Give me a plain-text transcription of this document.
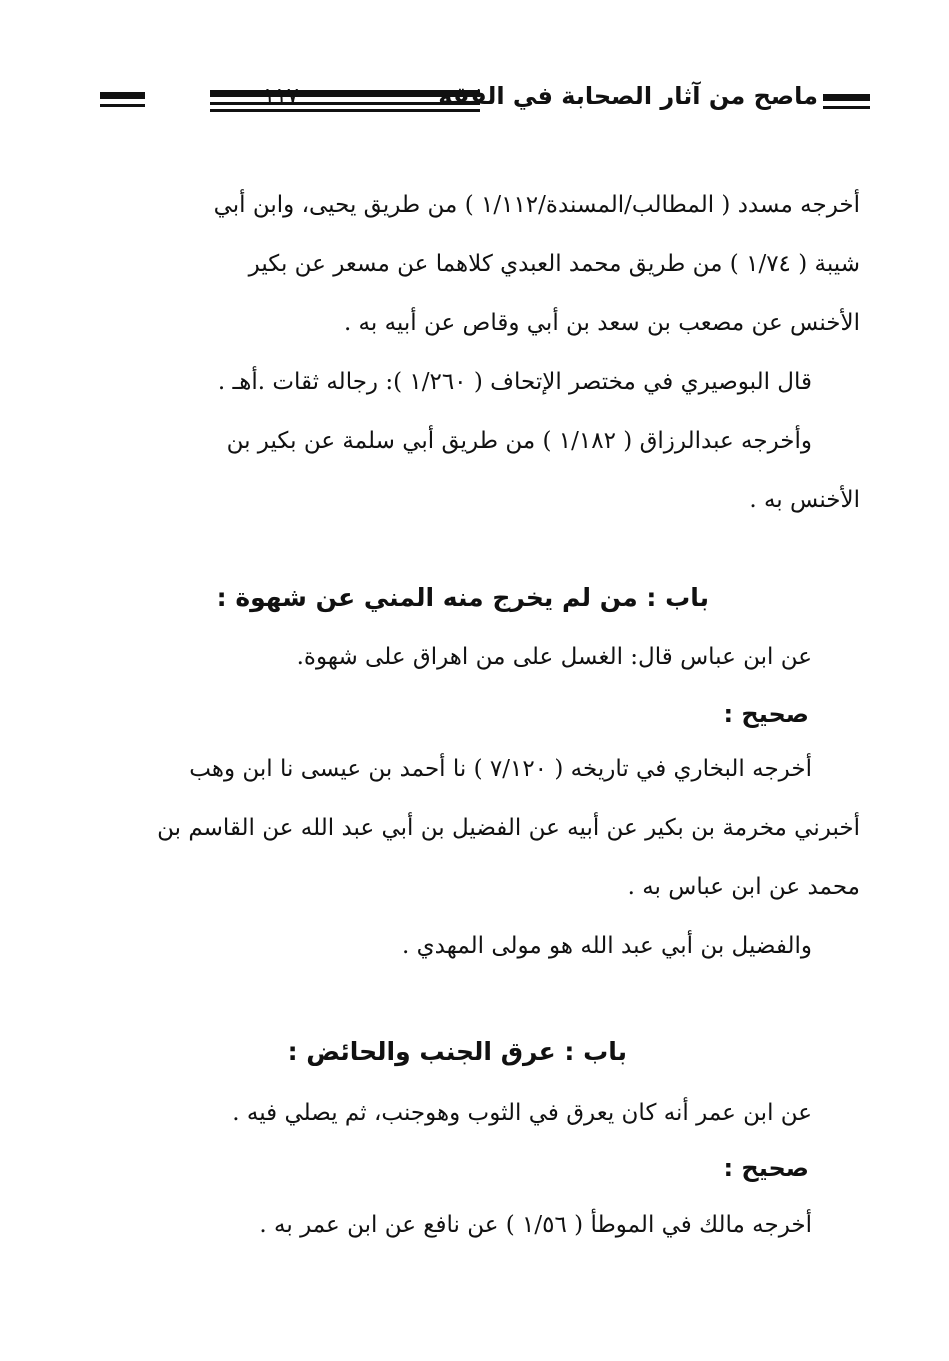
ماصح من آثار الصحابة في الفقه
أخرجه مسدد ( المطالب/المسندة/١/١١٢ ) من طريق يحيى، وابن أبي
شيبة ( ١/٧٤ ) من طريق محمد العبدي كلاهما عن مسعر عن بكير
الأخنس عن مصعب بن سعد بن أبي وقاص عن أبيه به .
قال البوصيري في مختصر الإتحاف ( ١/٢٦٠ ): رجاله ثقات .أهـ .
وأخرجه عبدالرزاق ( ١/١٨٢ ) من طريق أبي سلمة عن بكير بن
الأخنس به .
باب : من لم يخرج منه المني عن شهوة :
عن ابن عباس قال: الغسل على من اهراق على شهوة.
صحيح :
أخرجه البخاري في تاريخه ( ٧/١٢٠ ) نا أحمد بن عيسى نا ابن وهب
أخبرني مخرمة بن بكير عن أبيه عن الفضيل بن أبي عبد الله عن القاسم بن
محمد عن ابن عباس به .
والفضيل بن أبي عبد الله هو مولى المهدي .
باب : عرق الجنب والحائض :
عن ابن عمر أنه كان يعرق في الثوب وهوجنب، ثم يصلي فيه .
صحيح :
أخرجه مالك في الموطأ ( ١/٥٦ ) عن نافع عن ابن عمر به .
